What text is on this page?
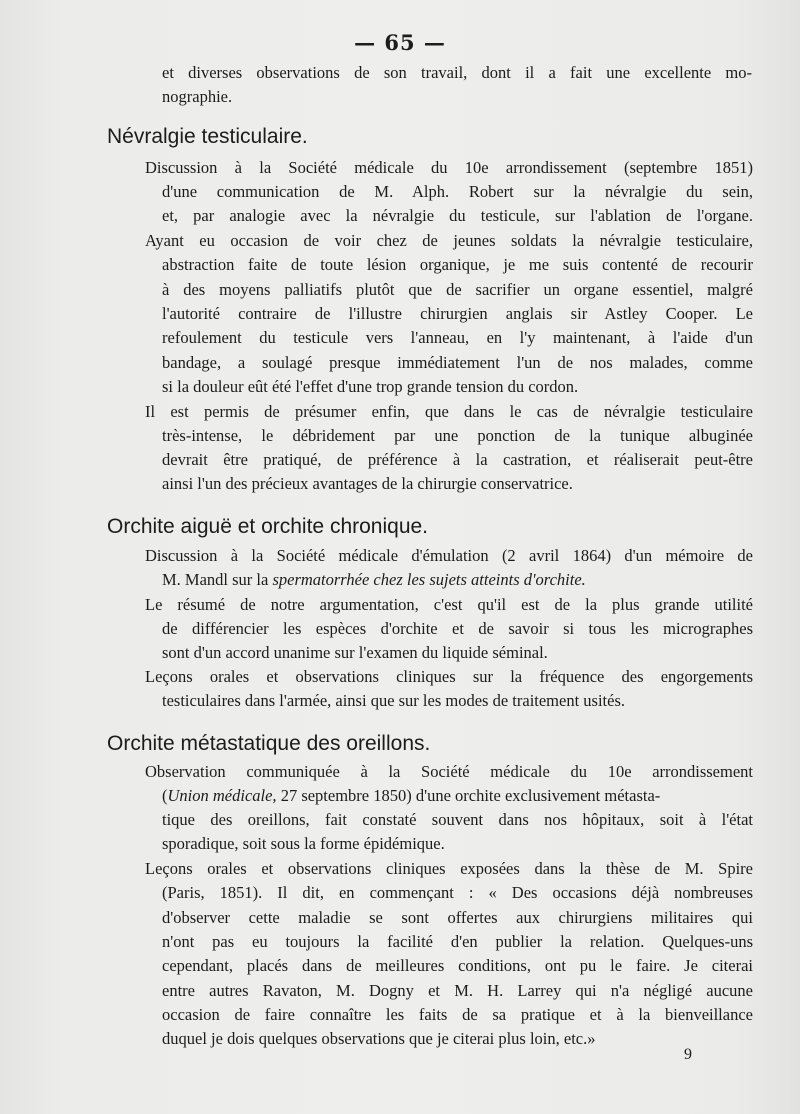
— 65 —
et diverses observations de son travail, dont il a fait une excellente mo-
nographie.
Névralgie testiculaire.
Discussion à la Société médicale du 10e arrondissement (septembre 1851)
d'une communication de M. Alph. Robert sur la névralgie du sein,
et, par analogie avec la névralgie du testicule, sur l'ablation de l'organe.
Ayant eu occasion de voir chez de jeunes soldats la névralgie testiculaire,
abstraction faite de toute lésion organique, je me suis contenté de recourir
à des moyens palliatifs plutôt que de sacrifier un organe essentiel, malgré
l'autorité contraire de l'illustre chirurgien anglais sir Astley Cooper. Le
refoulement du testicule vers l'anneau, en l'y maintenant, à l'aide d'un
bandage, a soulagé presque immédiatement l'un de nos malades, comme
si la douleur eût été l'effet d'une trop grande tension du cordon.
Il est permis de présumer enfin, que dans le cas de névralgie testiculaire
très-intense, le débridement par une ponction de la tunique albuginée
devrait être pratiqué, de préférence à la castration, et réaliserait peut-être
ainsi l'un des précieux avantages de la chirurgie conservatrice.
Orchite aiguë et orchite chronique.
Discussion à la Société médicale d'émulation (2 avril 1864) d'un mémoire de
M. Mandl sur la spermatorrhée chez les sujets atteints d'orchite.
Le résumé de notre argumentation, c'est qu'il est de la plus grande utilité
de différencier les espèces d'orchite et de savoir si tous les micrographes
sont d'un accord unanime sur l'examen du liquide séminal.
Leçons orales et observations cliniques sur la fréquence des engorgements
testiculaires dans l'armée, ainsi que sur les modes de traitement usités.
Orchite métastatique des oreillons.
Observation communiquée à la Société médicale du 10e arrondissement
(Union médicale, 27 septembre 1850) d'une orchite exclusivement métasta-
tique des oreillons, fait constaté souvent dans nos hôpitaux, soit à l'état
sporadique, soit sous la forme épidémique.
Leçons orales et observations cliniques exposées dans la thèse de M. Spire
(Paris, 1851). Il dit, en commençant : « Des occasions déjà nombreuses
d'observer cette maladie se sont offertes aux chirurgiens militaires qui
n'ont pas eu toujours la facilité d'en publier la relation. Quelques-uns
cependant, placés dans de meilleures conditions, ont pu le faire. Je citerai
entre autres Ravaton, M. Dogny et M. H. Larrey qui n'a négligé aucune
occasion de faire connaître les faits de sa pratique et à la bienveillance
duquel je dois quelques observations que je citerai plus loin, etc.»
9
